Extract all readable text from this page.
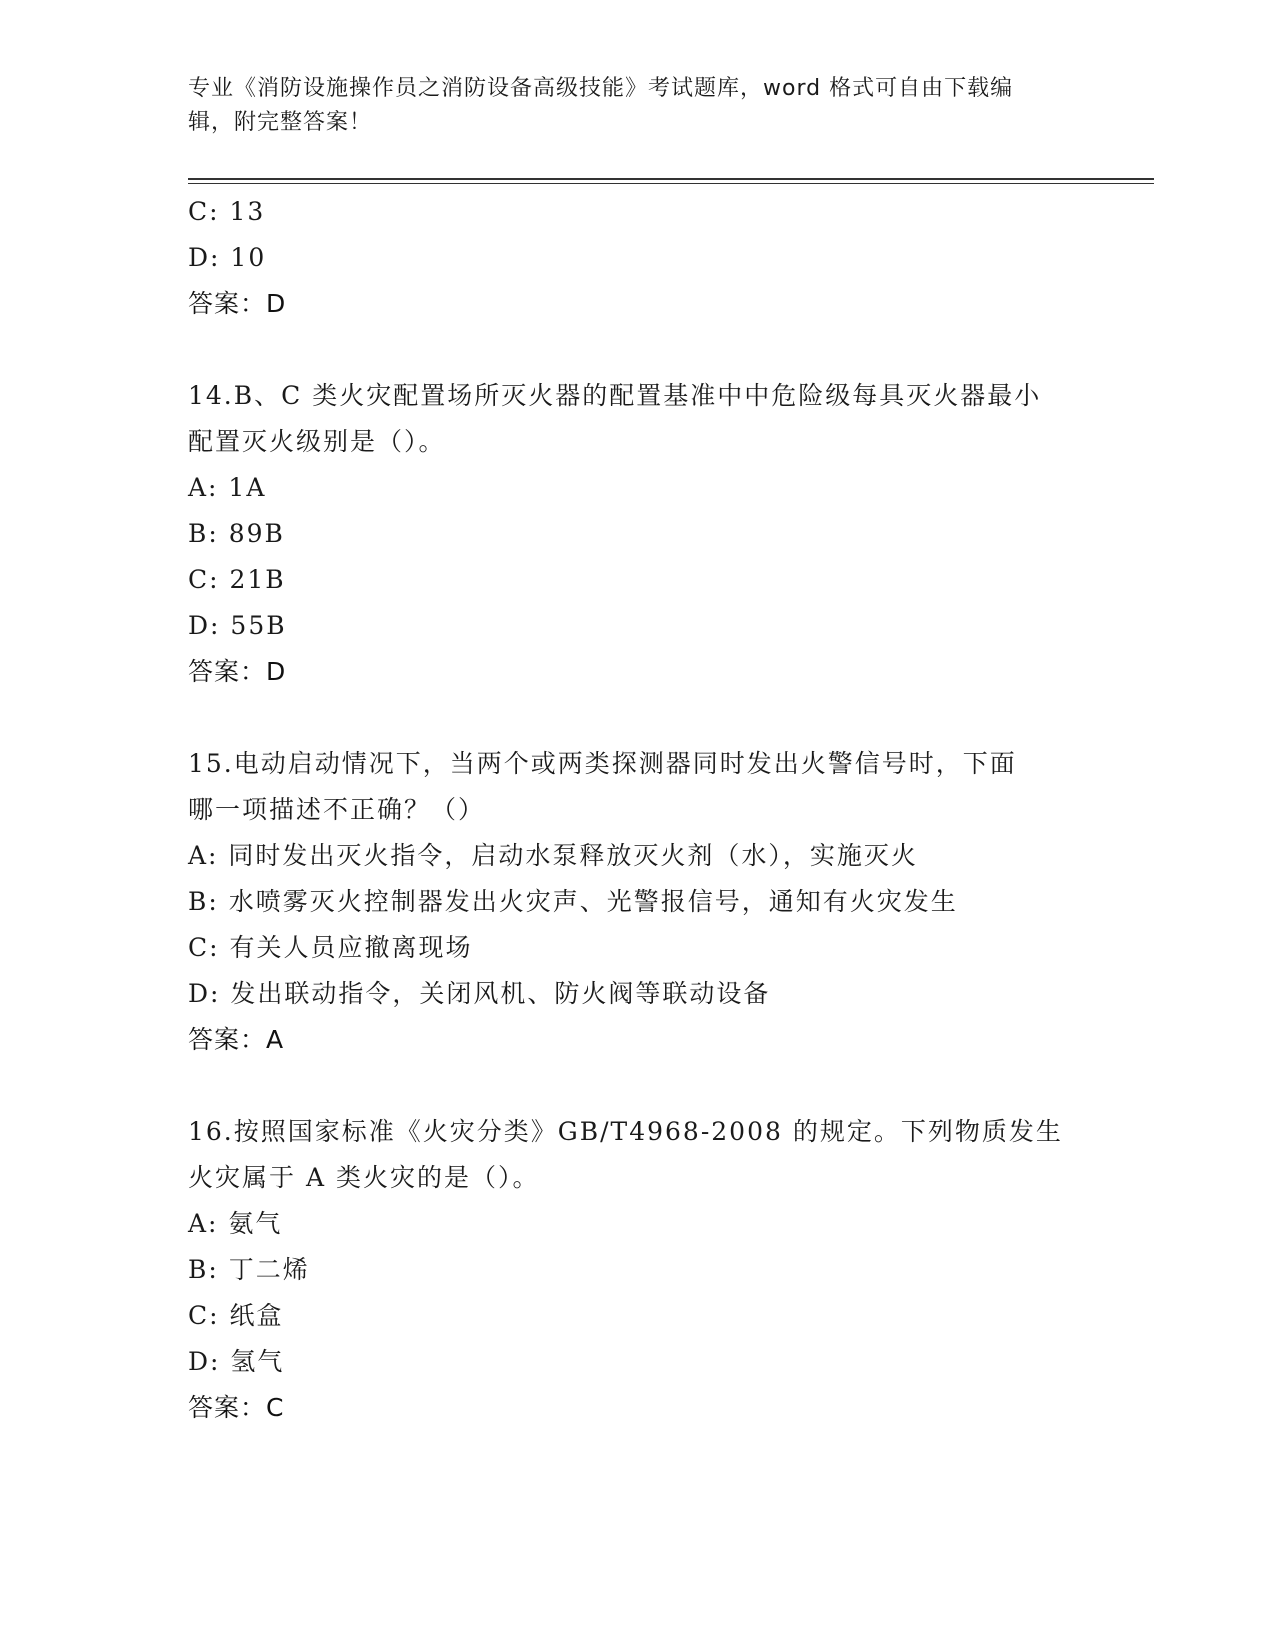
专业《消防设施操作员之消防设备高级技能》考试题库，word 格式可自由下载编
辑，附完整答案！
C: 13
D: 10
答案：D
14.B、C 类火灾配置场所灭火器的配置基准中中危险级每具灭火器最小
配置灭火级别是（）。
A: 1A
B: 89B
C: 21B
D: 55B
答案：D
15.电动启动情况下，当两个或两类探测器同时发出火警信号时，下面
哪一项描述不正确？（）
A: 同时发出灭火指令，启动水泵释放灭火剂（水），实施灭火
B: 水喷雾灭火控制器发出火灾声、光警报信号，通知有火灾发生
C: 有关人员应撤离现场
D: 发出联动指令，关闭风机、防火阀等联动设备
答案：A
16.按照国家标准《火灾分类》GB/T4968-2008 的规定。下列物质发生
火灾属于 A 类火灾的是（）。
A: 氨气
B: 丁二烯
C: 纸盒
D: 氢气
答案：C
